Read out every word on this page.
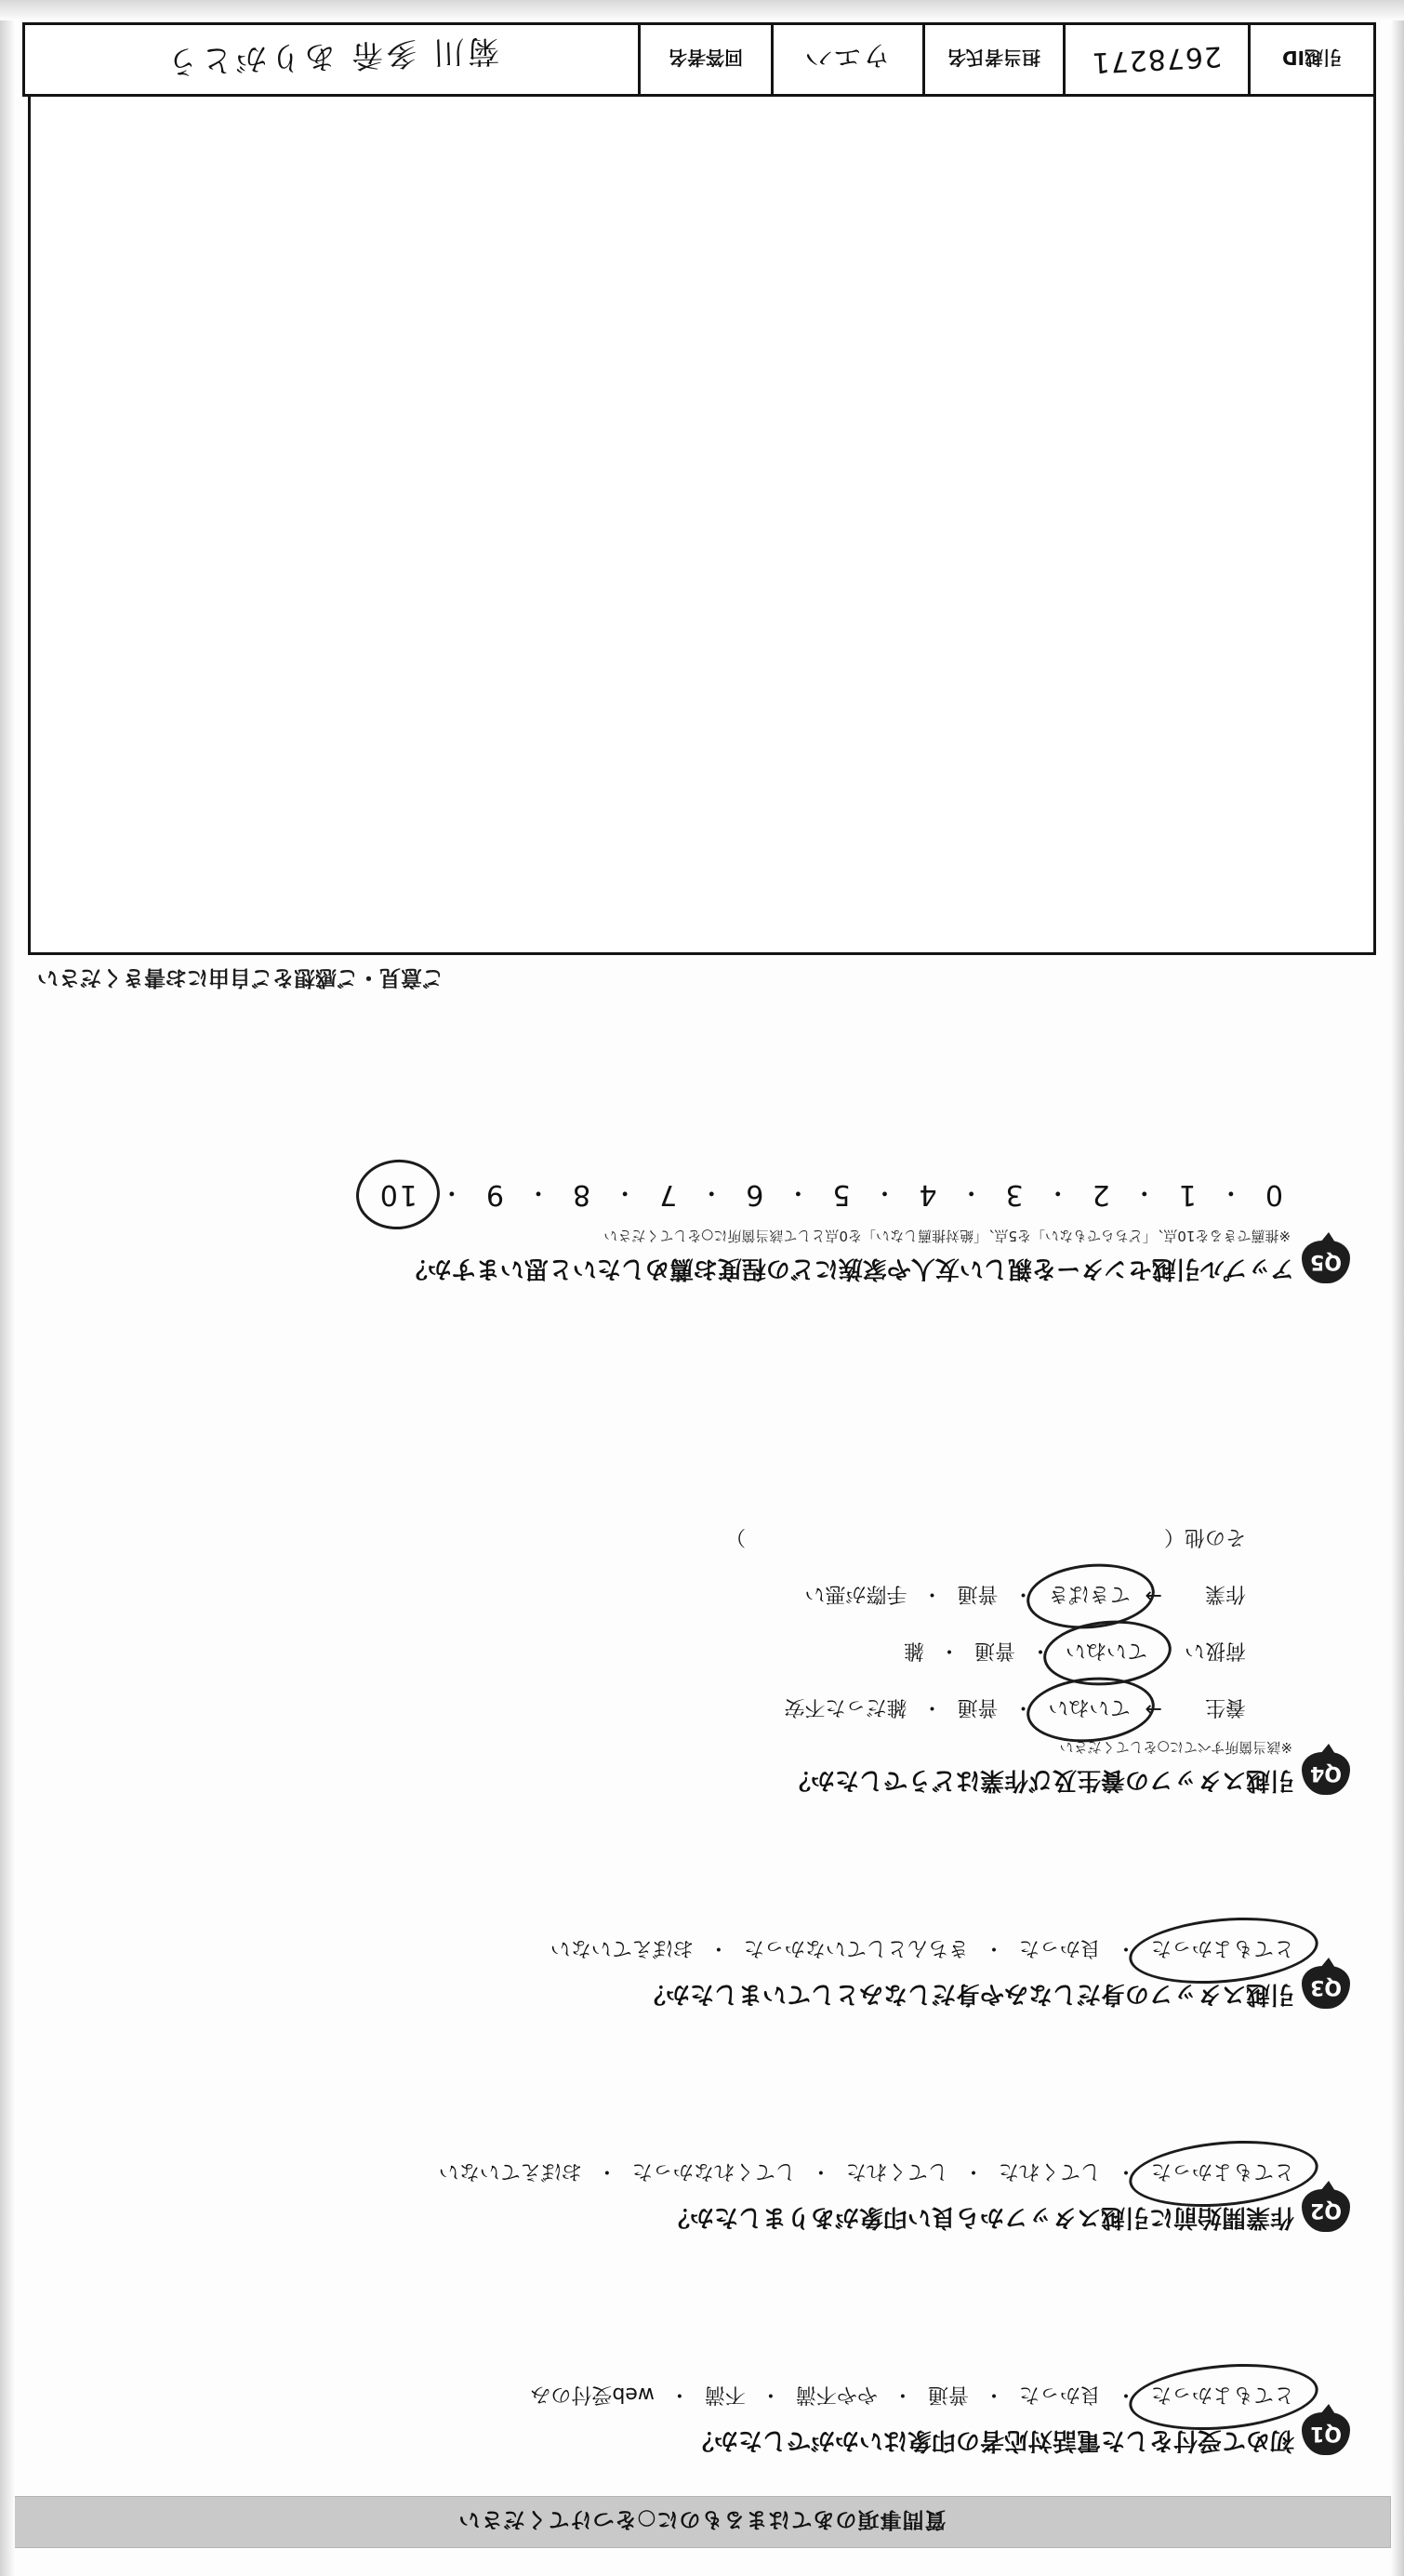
質問事項のあてはまるものに○をつけてください
Q1
初めて受付をした電話対応者の印象はいかがでしたか？
とてもよかった
・
良かった
・
普通
・
やや不満
・
不満
・
web受付のみ
Q2
作業開始前に引越スタッフから良い印象がありましたか？
とてもよかった
・
してくれた
・
してくれた
・
してくれなかった
・
おぼえていない
Q3
引越スタッフの身だしなみや身だしなみとしていましたか？
とてもよかった
・
良かった
・
きちんとしていなかった
・
おぼえていない
Q4
引越スタッフの養生及び作業はどうでしたか？
※該当箇所すべてに○をしてください
養生
→
ていねい
・
普通
・
雑だった不安
荷扱い
ていねい
・
普通
・
雑
作業
→
てきぱき
・
普通
・
手際が悪い
その他（
）
Q5
アップル引越センターを親しい友人や家族にどの程度お薦めしたいと思いますか？
※推薦できるを10点、「どちらでもない」を5点、「絶対推薦しない」を0点として該当箇所に○をしてください
0
・
1
・
2
・
3
・
4
・
5
・
6
・
7
・
8
・
9
・
10
ご意見・ご感想をご自由にお書きください
引越ID
2678271
担当者氏名
ウエハ
回答者名
菊川 多希 ありがとう
